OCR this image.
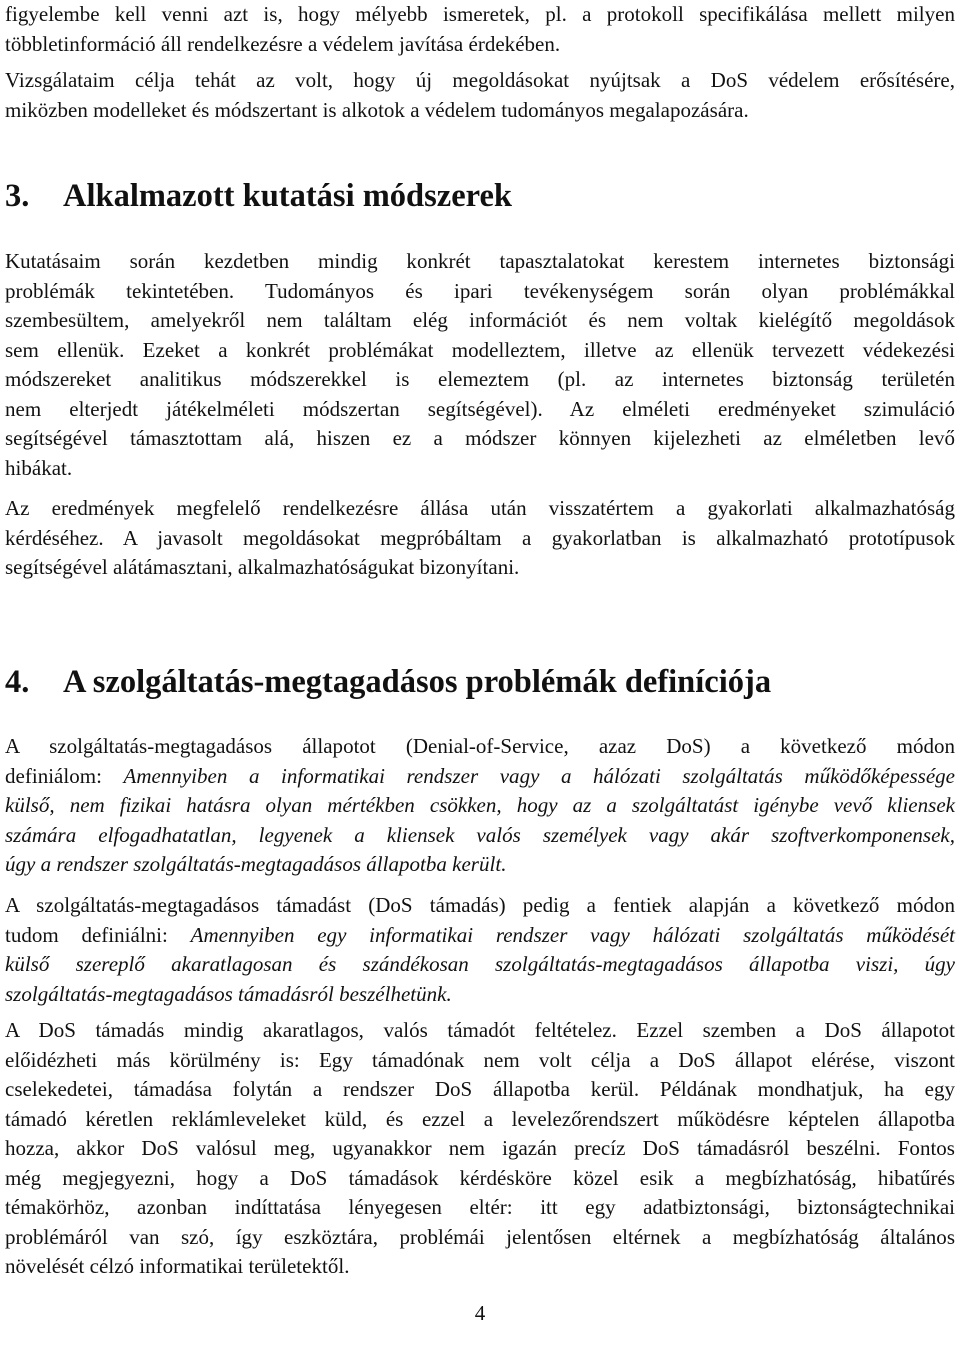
figyelembe kell venni azt is, hogy mélyebb ismeretek, pl. a protokoll specifikálása mellett milyen
többletinformáció áll rendelkezésre a védelem javítása érdekében.
Vizsgálataim célja tehát az volt, hogy új megoldásokat nyújtsak a DoS védelem erősítésére,
miközben modelleket és módszertant is alkotok a védelem tudományos megalapozására.
3. Alkalmazott kutatási módszerek
Kutatásaim során kezdetben mindig konkrét tapasztalatokat kerestem internetes biztonsági
problémák tekintetében. Tudományos és ipari tevékenységem során olyan problémákkal
szembesültem, amelyekről nem találtam elég információt és nem voltak kielégítő megoldások
sem ellenük. Ezeket a konkrét problémákat modelleztem, illetve az ellenük tervezett védekezési
módszereket analitikus módszerekkel is elemeztem (pl. az internetes biztonság területén
nem elterjedt játékelméleti módszertan segítségével). Az elméleti eredményeket szimuláció
segítségével támasztottam alá, hiszen ez a módszer könnyen kijelezheti az elméletben levő
hibákat.
Az eredmények megfelelő rendelkezésre állása után visszatértem a gyakorlati alkalmazhatóság
kérdéséhez. A javasolt megoldásokat megpróbáltam a gyakorlatban is alkalmazható prototípusok
segítségével alátámasztani, alkalmazhatóságukat bizonyítani.
4. A szolgáltatás-megtagadásos problémák definíciója
A szolgáltatás-megtagadásos állapotot (Denial-of-Service, azaz DoS) a következő módon
definiálom: Amennyiben a informatikai rendszer vagy a hálózati szolgáltatás működőképessége
külső, nem fizikai hatásra olyan mértékben csökken, hogy az a szolgáltatást igénybe vevő kliensek
számára elfogadhatatlan, legyenek a kliensek valós személyek vagy akár szoftverkomponensek,
úgy a rendszer szolgáltatás-megtagadásos állapotba került.
A szolgáltatás-megtagadásos támadást (DoS támadás) pedig a fentiek alapján a következő módon
tudom definiálni: Amennyiben egy informatikai rendszer vagy hálózati szolgáltatás működését
külső szereplő akaratlagosan és szándékosan szolgáltatás-megtagadásos állapotba viszi, úgy
szolgáltatás-megtagadásos támadásról beszélhetünk.
A DoS támadás mindig akaratlagos, valós támadót feltételez. Ezzel szemben a DoS állapotot
előidézheti más körülmény is: Egy támadónak nem volt célja a DoS állapot elérése, viszont
cselekedetei, támadása folytán a rendszer DoS állapotba kerül. Példának mondhatjuk, ha egy
támadó kéretlen reklámleveleket küld, és ezzel a levelezőrendszert működésre képtelen állapotba
hozza, akkor DoS valósul meg, ugyanakkor nem igazán precíz DoS támadásról beszélni. Fontos
még megjegyezni, hogy a DoS támadások kérdésköre közel esik a megbízhatóság, hibatűrés
témakörhöz, azonban indíttatása lényegesen eltér: itt egy adatbiztonsági, biztonságtechnikai
problémáról van szó, így eszköztára, problémái jelentősen eltérnek a megbízhatóság általános
növelését célzó informatikai területektől.
4
